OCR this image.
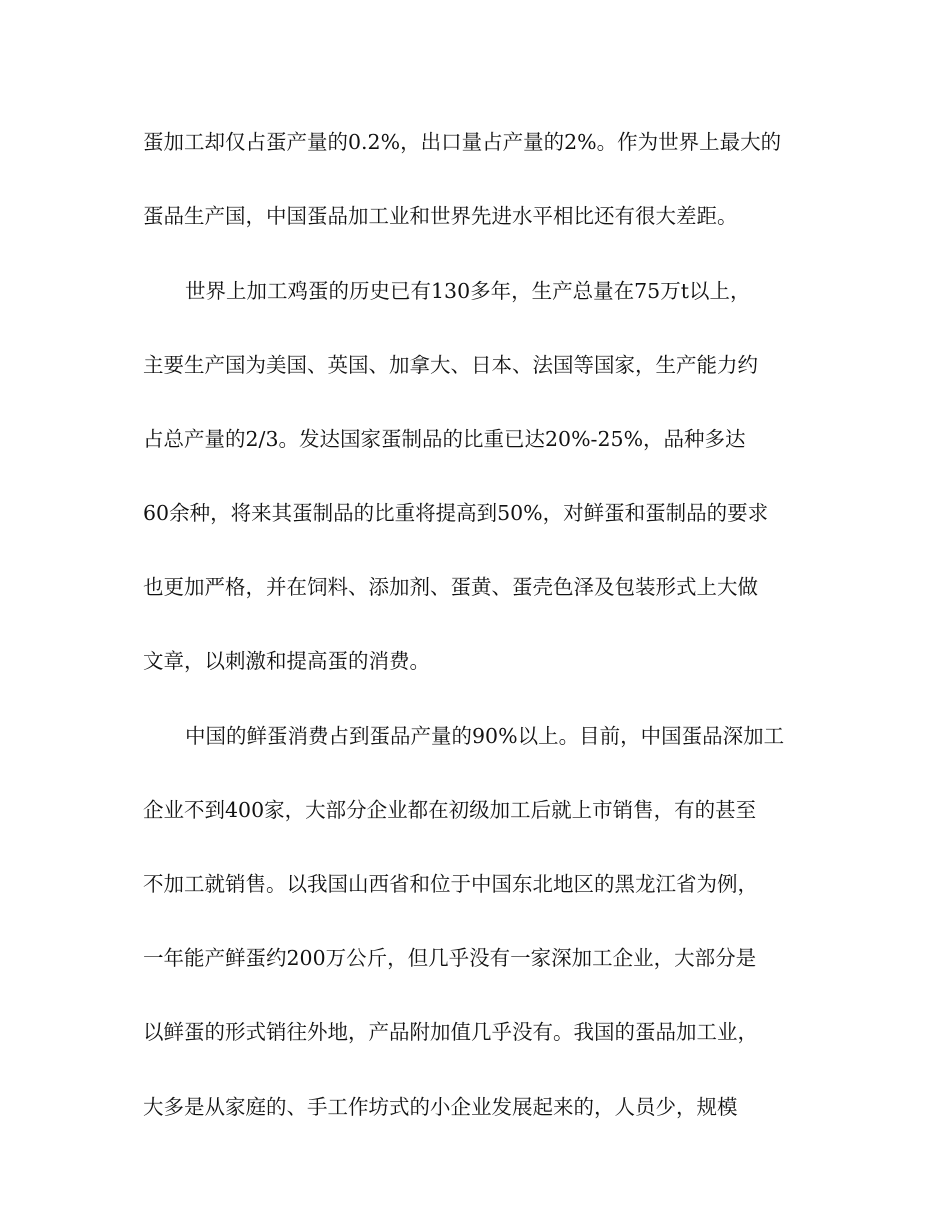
蛋加工却仅占蛋产量的0.2%，出口量占产量的2%。作为世界上最大的
蛋品生产国，中国蛋品加工业和世界先进水平相比还有很大差距。
世界上加工鸡蛋的历史已有130多年，生产总量在75万t以上，
主要生产国为美国、英国、加拿大、日本、法国等国家，生产能力约
占总产量的2/3。发达国家蛋制品的比重已达20%-25%，品种多达
60余种，将来其蛋制品的比重将提高到50%，对鲜蛋和蛋制品的要求
也更加严格，并在饲料、添加剂、蛋黄、蛋壳色泽及包装形式上大做
文章，以刺激和提高蛋的消费。
中国的鲜蛋消费占到蛋品产量的90%以上。目前，中国蛋品深加工
企业不到400家，大部分企业都在初级加工后就上市销售，有的甚至
不加工就销售。以我国山西省和位于中国东北地区的黑龙江省为例，
一年能产鲜蛋约200万公斤，但几乎没有一家深加工企业，大部分是
以鲜蛋的形式销往外地，产品附加值几乎没有。我国的蛋品加工业，
大多是从家庭的、手工作坊式的小企业发展起来的，人员少，规模
